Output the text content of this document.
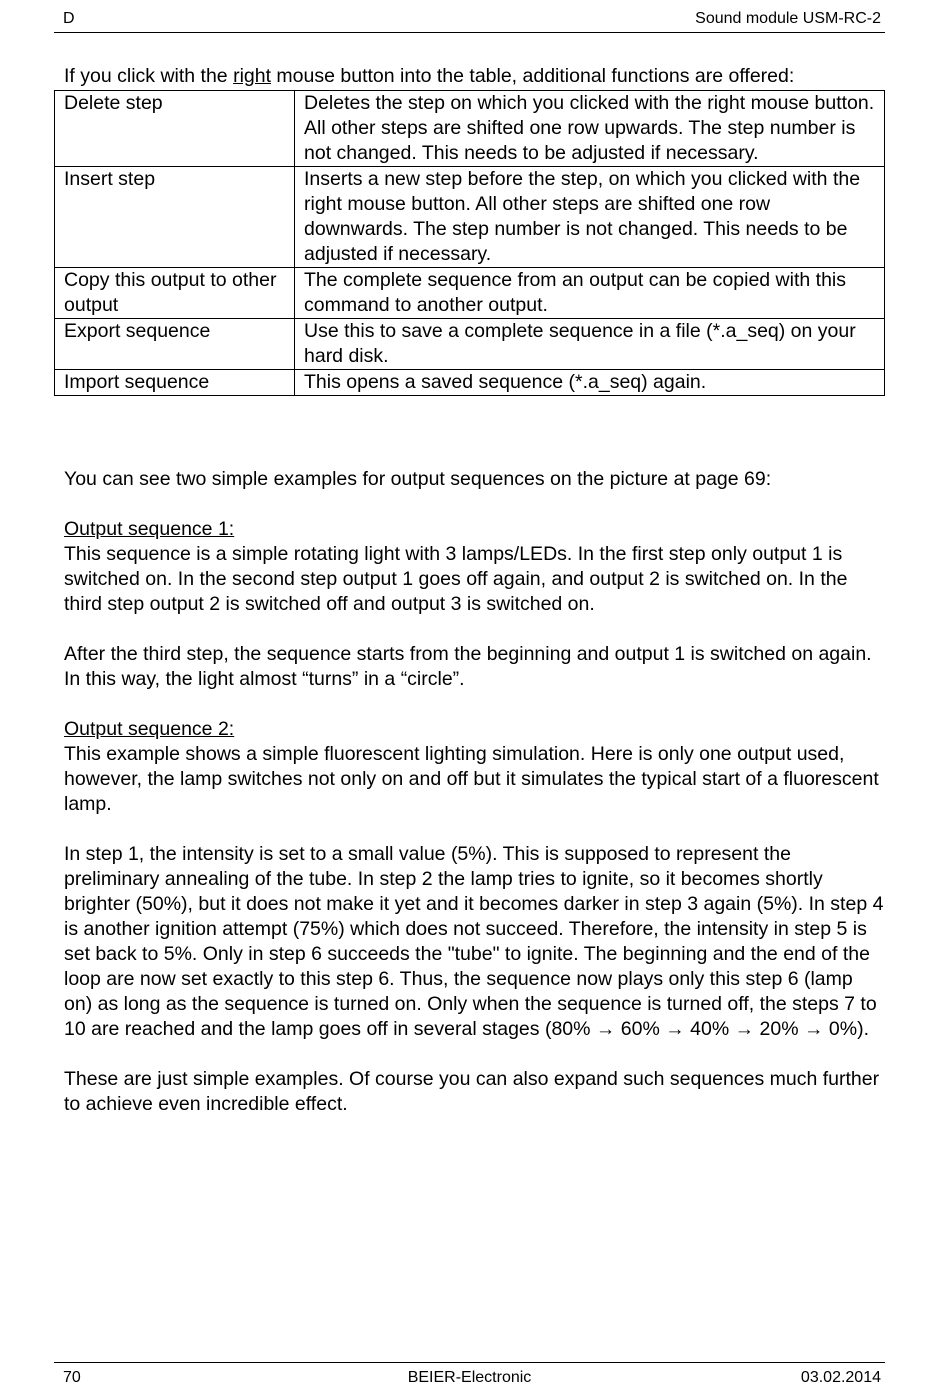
D	Sound module USM-RC-2

If you click with the right mouse button into the table, additional functions are offered:

Delete step	Deletes the step on which you clicked with the right mouse button. All other steps are shifted one row upwards. The step number is not changed. This needs to be adjusted if necessary.
Insert step	Inserts a new step before the step, on which you clicked with the right mouse button. All other steps are shifted one row downwards. The step number is not changed. This needs to be adjusted if necessary.
Copy this output to other output	The complete sequence from an output can be copied with this command to another output.
Export sequence	Use this to save a complete sequence in a file (*.a_seq) on your hard disk.
Import sequence	This opens a saved sequence (*.a_seq) again.

You can see two simple examples for output sequences on the picture at page 69:

Output sequence 1:

This sequence is a simple rotating light with 3 lamps/LEDs. In the first step only output 1 is switched on. In the second step output 1 goes off again, and output 2 is switched on. In the third step output 2 is switched off and output 3 is switched on.

After the third step, the sequence starts from the beginning and output 1 is switched on again. In this way, the light almost “turns” in a “circle”.

Output sequence 2:

This example shows a simple fluorescent lighting simulation. Here is only one output used, however, the lamp switches not only on and off but it simulates the typical start of a fluorescent lamp.

In step 1, the intensity is set to a small value (5%). This is supposed to represent the preliminary annealing of the tube. In step 2 the lamp tries to ignite, so it becomes shortly brighter (50%), but it does not make it yet and it becomes darker in step 3 again (5%). In step 4 is another ignition attempt (75%) which does not succeed. Therefore, the intensity in step 5 is set back to 5%. Only in step 6 succeeds the "tube" to ignite. The beginning and the end of the loop are now set exactly to this step 6. Thus, the sequence now plays only this step 6 (lamp on) as long as the sequence is turned on. Only when the sequence is turned off, the steps 7 to 10 are reached and the lamp goes off in several stages (80% → 60% → 40% → 20% → 0%).

These are just simple examples. Of course you can also expand such sequences much further to achieve even incredible effect.

70	BEIER-Electronic	03.02.2014
